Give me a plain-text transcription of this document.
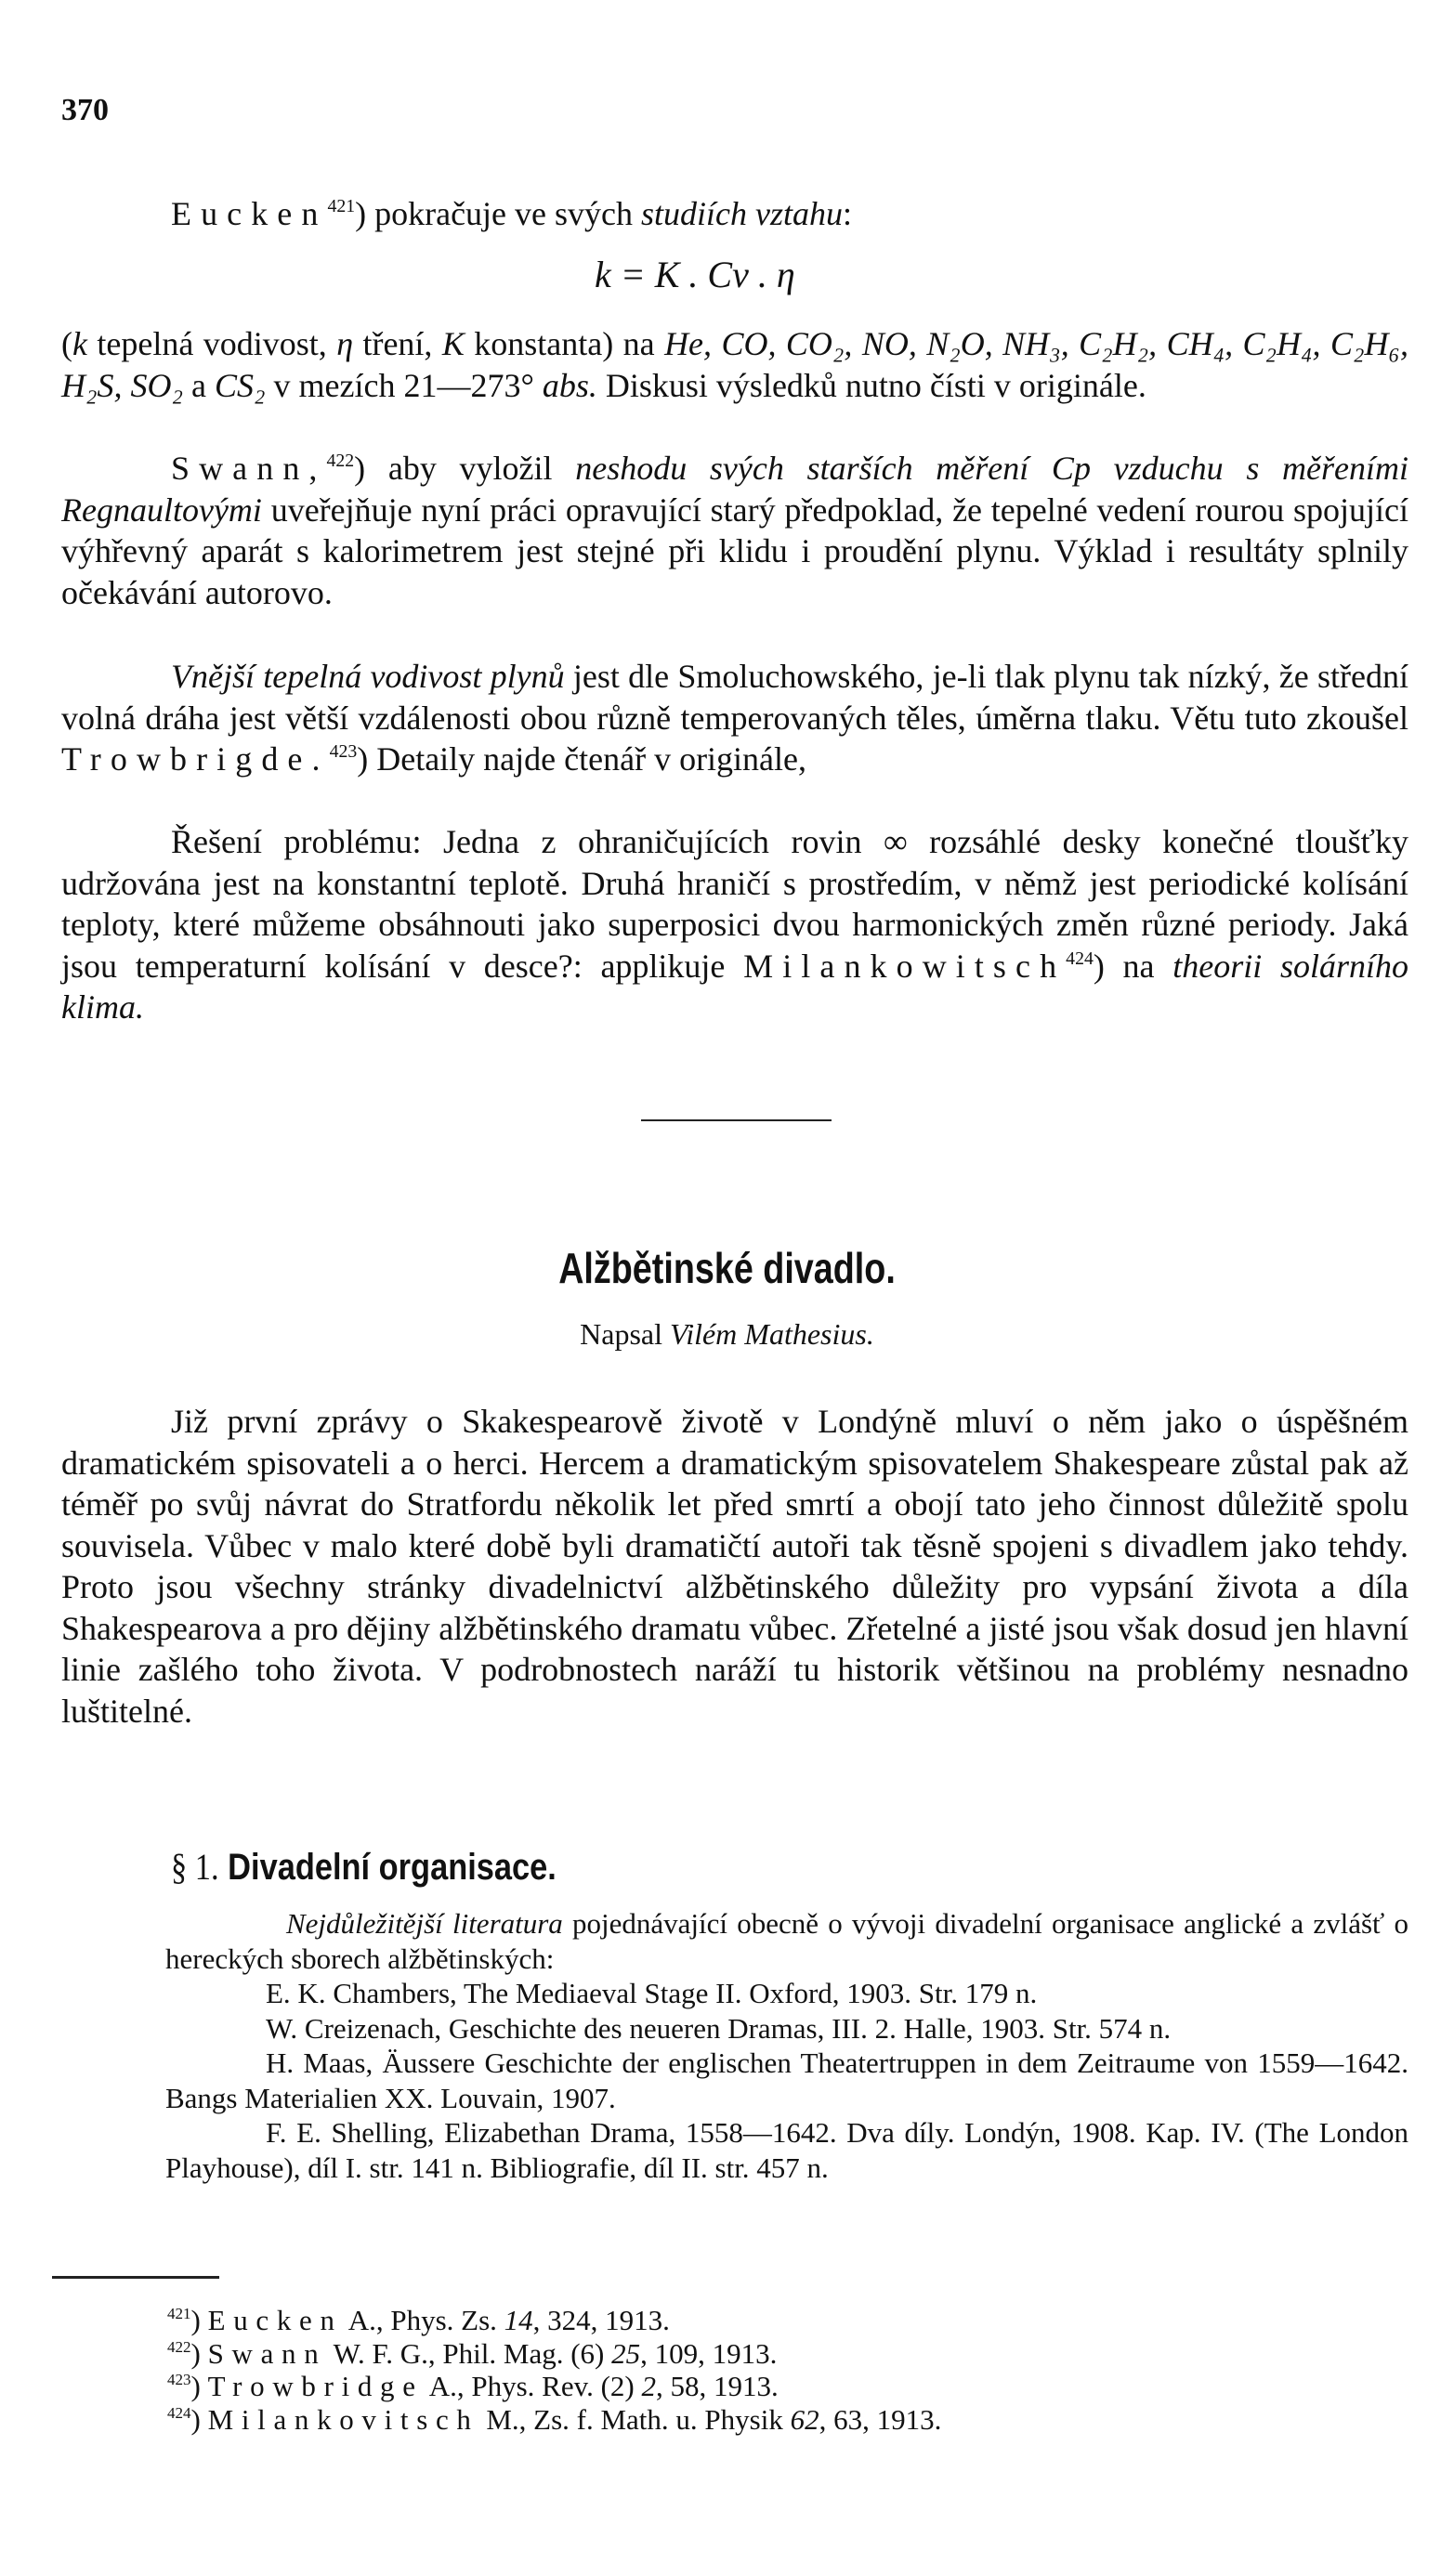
370

Eucken$^{421}$) pokračuje ve svých studiích vztahu:

k = K . Cv . η

(k tepelná vodivost, η tření, K konstanta) na He, CO, CO₂, NO, N₂O, NH₃, C₂H₂, CH₄, C₂H₄, C₂H₆, H₂S, SO₂ a CS₂ v mezích 21—273° abs. Diskusi výsledků nutno čísti v originále.

Swann,$^{422}$) aby vyložil neshodu svých starších měření Cp vzduchu s měřeními Regnaultovými uveřejňuje nyní práci opravující starý předpoklad, že tepelné vedení rourou spojující výhřevný aparát s kalorimetrem jest stejné při klidu i proudění plynu. Výklad i resultáty splnily očekávání autorovo.

Vnější tepelná vodivost plynů jest dle Smoluchowského, je-li tlak plynu tak nízký, že střední volná dráha jest větší vzdálenosti obou různě temperovaných těles, úměrna tlaku. Větu tuto zkoušel Trowbrigde.$^{423}$) Detaily najde čtenář v originále,

Řešení problému: Jedna z ohraničujících rovin ∞ rozsáhlé desky konečné tloušťky udržována jest na konstantní teplotě. Druhá hraničí s prostředím, v němž jest periodické kolísání teploty, které můžeme obsáhnouti jako superposici dvou harmonických změn různé periody. Jaká jsou temperaturní kolísání v desce?: applikuje Milankowitsch$^{424}$) na theorii solárního klima.

Alžbětinské divadlo.
Napsal Vilém Mathesius.

Již první zprávy o Skakespearově životě v Londýně mluví o něm jako o úspěšném dramatickém spisovateli a o herci. Hercem a dramatickým spisovatelem Shakespeare zůstal pak až téměř po svůj návrat do Stratfordu několik let před smrtí a obojí tato jeho činnost důležitě spolu souvisela. Vůbec v malo které době byli dramatičtí autoři tak těsně spojeni s divadlem jako tehdy. Proto jsou všechny stránky divadelnictví alžbětinského důležity pro vypsání života a díla Shakespearova a pro dějiny alžbětinského dramatu vůbec. Zřetelné a jisté jsou však dosud jen hlavní linie zašlého toho života. V podrobnostech naráží tu historik většinou na problémy nesnadno luštitelné.

§ 1. Divadelní organisace.

Nejdůležitější literatura pojednávající obecně o vývoji divadelní organisace anglické a zvlášť o hereckých sborech alžbětinských:

E. K. Chambers, The Mediaeval Stage II. Oxford, 1903. Str. 179 n.

W. Creizenach, Geschichte des neueren Dramas, III. 2. Halle, 1903. Str. 574 n.

H. Maas, Äussere Geschichte der englischen Theatertruppen in dem Zeitraume von 1559—1642. Bangs Materialien XX. Louvain, 1907.

F. E. Shelling, Elizabethan Drama, 1558—1642. Dva díly. Londýn, 1908. Kap. IV. (The London Playhouse), díl I. str. 141 n. Bibliografie, díl II. str. 457 n.

$^{421}$) Eucken A., Phys. Zs. 14, 324, 1913.
$^{422}$) Swann W. F. G., Phil. Mag. (6) 25, 109, 1913.
$^{423}$) Trowbridge A., Phys. Rev. (2) 2, 58, 1913.
$^{424}$) Milankovitsch M., Zs. f. Math. u. Physik 62, 63, 1913.
